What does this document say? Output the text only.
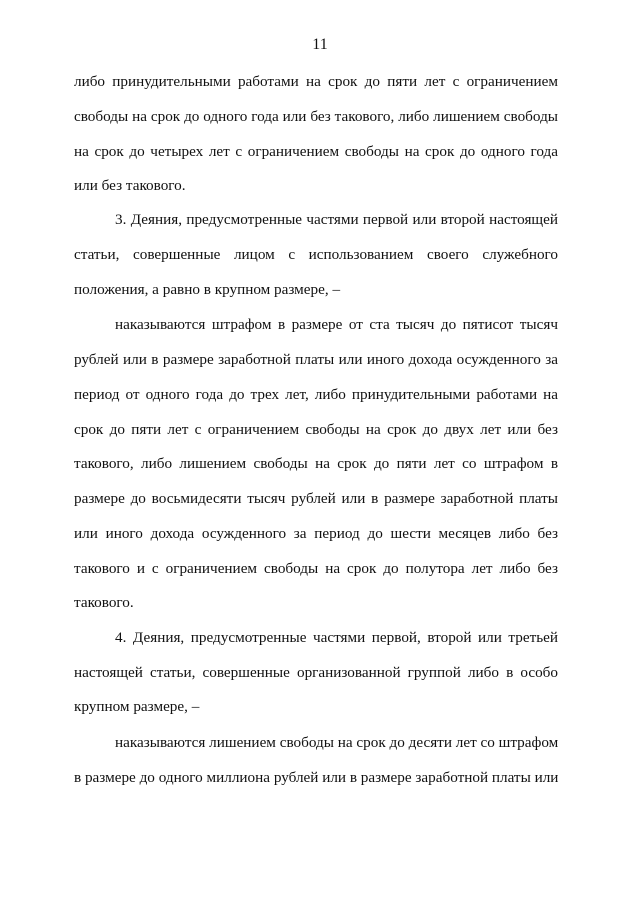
11
либо принудительными работами на срок до пяти лет с ограничением
свободы на срок до одного года или без такового, либо лишением свободы
на срок до четырех лет с ограничением свободы на срок до одного года
или без такового.
3. Деяния, предусмотренные частями первой или второй настоящей
статьи, совершенные лицом с использованием своего служебного
положения, а равно в крупном размере, –
наказываются штрафом в размере от ста тысяч до пятисот тысяч
рублей или в размере заработной платы или иного дохода осужденного за
период от одного года до трех лет, либо принудительными работами на
срок до пяти лет с ограничением свободы на срок до двух лет или без
такового, либо лишением свободы на срок до пяти лет со штрафом в
размере до восьмидесяти тысяч рублей или в размере заработной платы
или иного дохода осужденного за период до шести месяцев либо без
такового и с ограничением свободы на срок до полутора лет либо без
такового.
4. Деяния, предусмотренные частями первой, второй или третьей
настоящей статьи, совершенные организованной группой либо в особо
крупном размере, –
наказываются лишением свободы на срок до десяти лет со штрафом
в размере до одного миллиона рублей или в размере заработной платы или
